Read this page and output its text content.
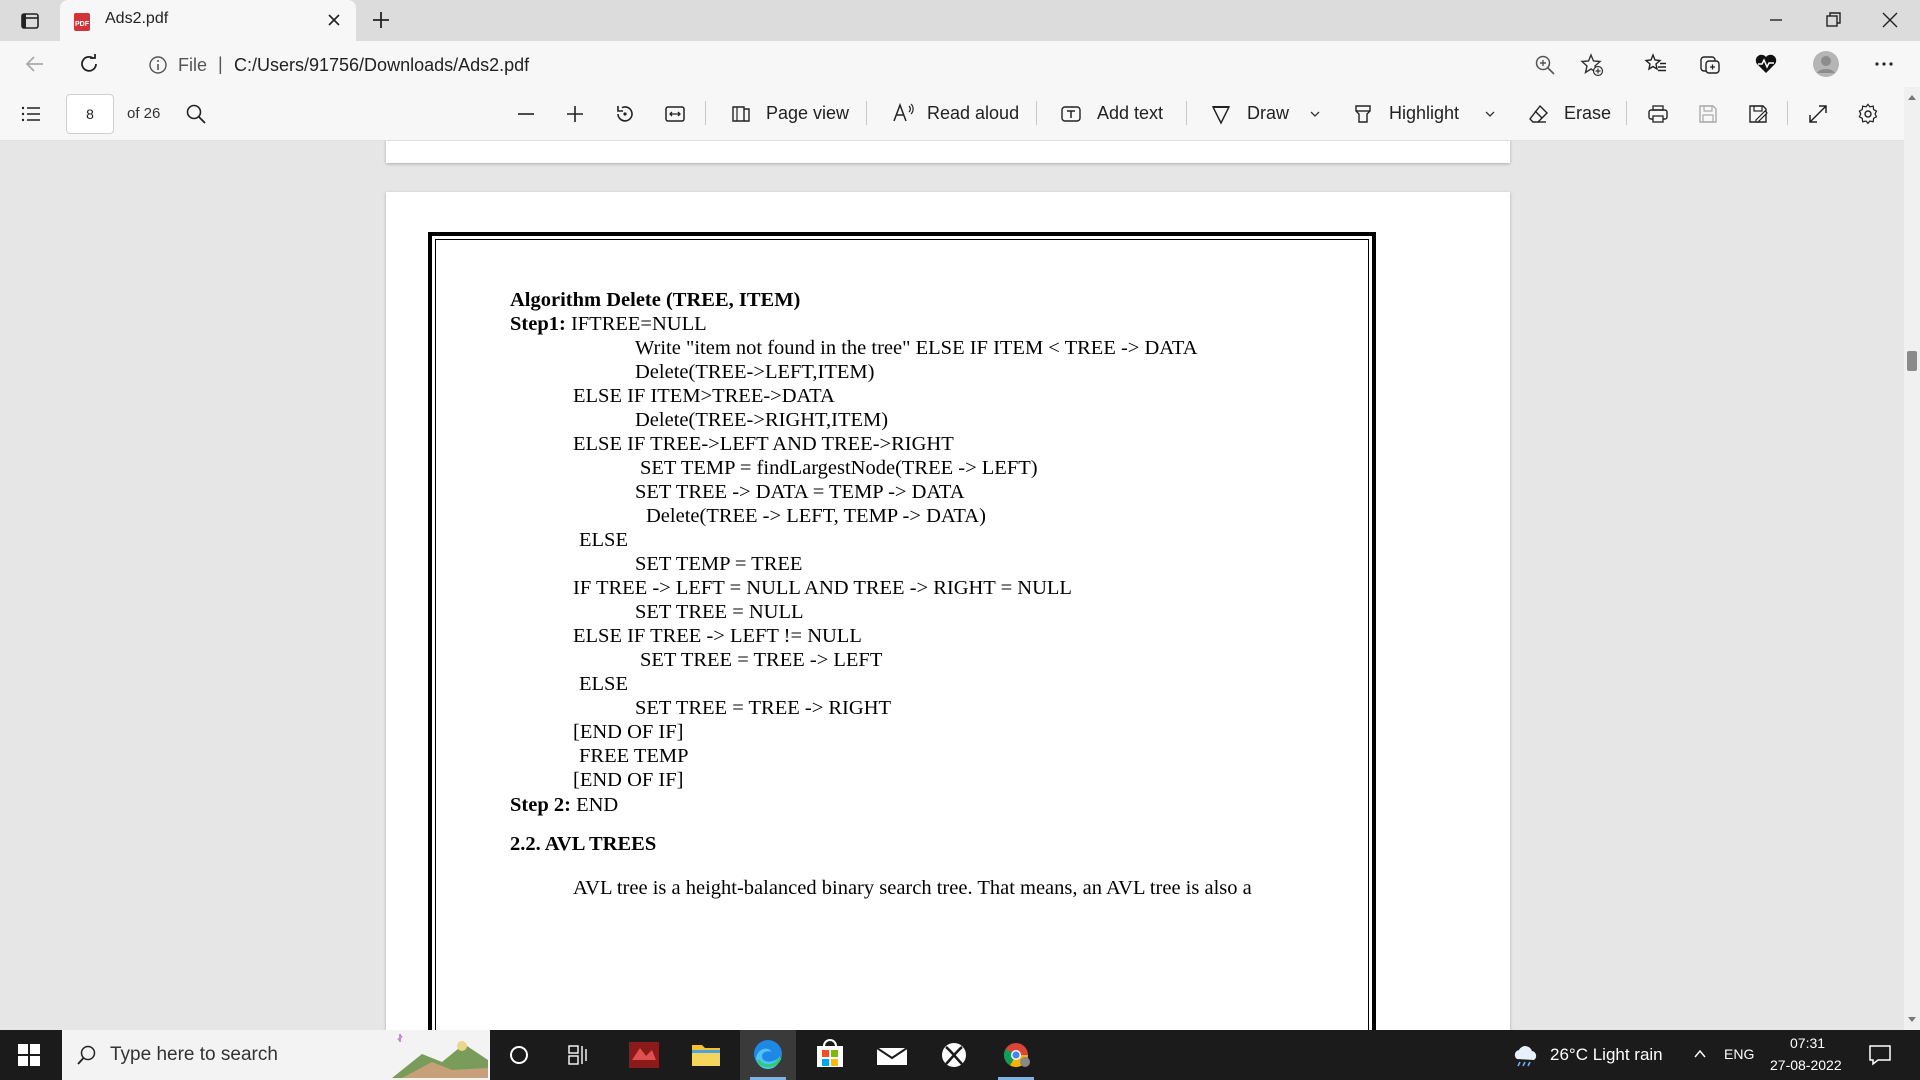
PDF Ads2.pdf
File | C:/Users/91756/Downloads/Ads2.pdf
8	of 26	Page view	Read aloud	Add text	Draw	Highlight	Erase
Algorithm Delete (TREE, ITEM)
Step1: IFTREE=NULL
Write "item not found in the tree" ELSE IF ITEM < TREE -> DATA
Delete(TREE->LEFT,ITEM)
ELSE IF ITEM>TREE->DATA
Delete(TREE->RIGHT,ITEM)
ELSE IF TREE->LEFT AND TREE->RIGHT
SET TEMP = findLargestNode(TREE -> LEFT)
SET TREE -> DATA = TEMP -> DATA
Delete(TREE -> LEFT, TEMP -> DATA)
ELSE
SET TEMP = TREE
IF TREE -> LEFT = NULL AND TREE -> RIGHT = NULL
SET TREE = NULL
ELSE IF TREE -> LEFT != NULL
SET TREE = TREE -> LEFT
ELSE
SET TREE = TREE -> RIGHT
[END OF IF]
FREE TEMP
[END OF IF]
Step 2: END
2.2. AVL TREES
AVL tree is a height-balanced binary search tree. That means, an AVL tree is also a
Type here to search	26°C Light rain	ENG
07:31
27-08-2022
